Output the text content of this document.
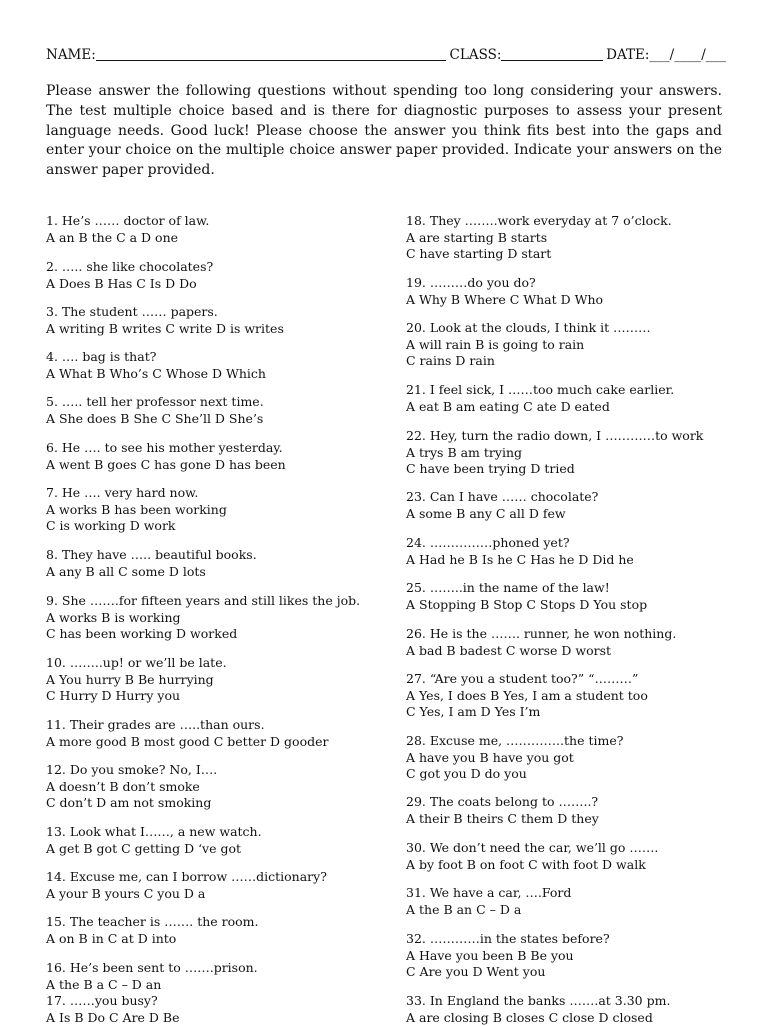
NAME:	CLASS:	DATE:___/____/___

Please answer the following questions without spending too long considering your answers. The test multiple choice based and is there for diagnostic purposes to assess your present language needs. Good luck! Please choose the answer you think fits best into the gaps and enter your choice on the multiple choice answer paper provided. Indicate your answers on the answer paper provided.

1. He’s …… doctor of law.
A an B the C a D one
2. ….. she like chocolates?
A Does B Has C Is D Do
3. The student …… papers.
A writing B writes C write D is writes
4. …. bag is that?
A What B Who’s C Whose D Which
5. ….. tell her professor next time.
A She does B She C She’ll D She’s
6. He …. to see his mother yesterday.
A went B goes C has gone D has been
7. He …. very hard now.
A works B has been working
C is working D work
8. They have ….. beautiful books.
A any B all C some D lots
9. She …….for fifteen years and still likes the job.
A works B is working
C has been working D worked
10. ……..up! or we’ll be late.
A You hurry B Be hurrying
C Hurry D Hurry you
11. Their grades are …..than ours.
A more good B most good C better D gooder
12. Do you smoke? No, I….
A doesn’t B don’t smoke
C don’t D am not smoking
13. Look what I……, a new watch.
A get B got C getting D ‘ve got
14. Excuse me, can I borrow ……dictionary?
A your B yours C you D a
15. The teacher is ……. the room.
A on B in C at D into
16. He’s been sent to …….prison.
A the B a C – D an
17. ……you busy?
A Is B Do C Are D Be
18. They ……..work everyday at 7 o’clock.
A are starting B starts
C have starting D start
19. ………do you do?
A Why B Where C What D Who
20. Look at the clouds, I think it ………
A will rain B is going to rain
C rains D rain
21. I feel sick, I ……too much cake earlier.
A eat B am eating C ate D eated
22. Hey, turn the radio down, I …………to work
A trys B am trying
C have been trying D tried
23. Can I have …… chocolate?
A some B any C all D few
24. ……………phoned yet?
A Had he B Is he C Has he D Did he
25. ……..in the name of the law!
A Stopping B Stop C Stops D You stop
26. He is the ……. runner, he won nothing.
A bad B badest C worse D worst
27. “Are you a student too?” “………”
A Yes, I does B Yes, I am a student too
C Yes, I am D Yes I’m
28. Excuse me, …………..the time?
A have you B have you got
C got you D do you
29. The coats belong to ……..?
A their B theirs C them D they
30. We don’t need the car, we’ll go …….
A by foot B on foot C with foot D walk
31. We have a car, ….Ford
A the B an C – D a
32. …………in the states before?
A Have you been B Be you
C Are you D Went you
33. In England the banks …….at 3.30 pm.
A are closing B closes C close D closed
